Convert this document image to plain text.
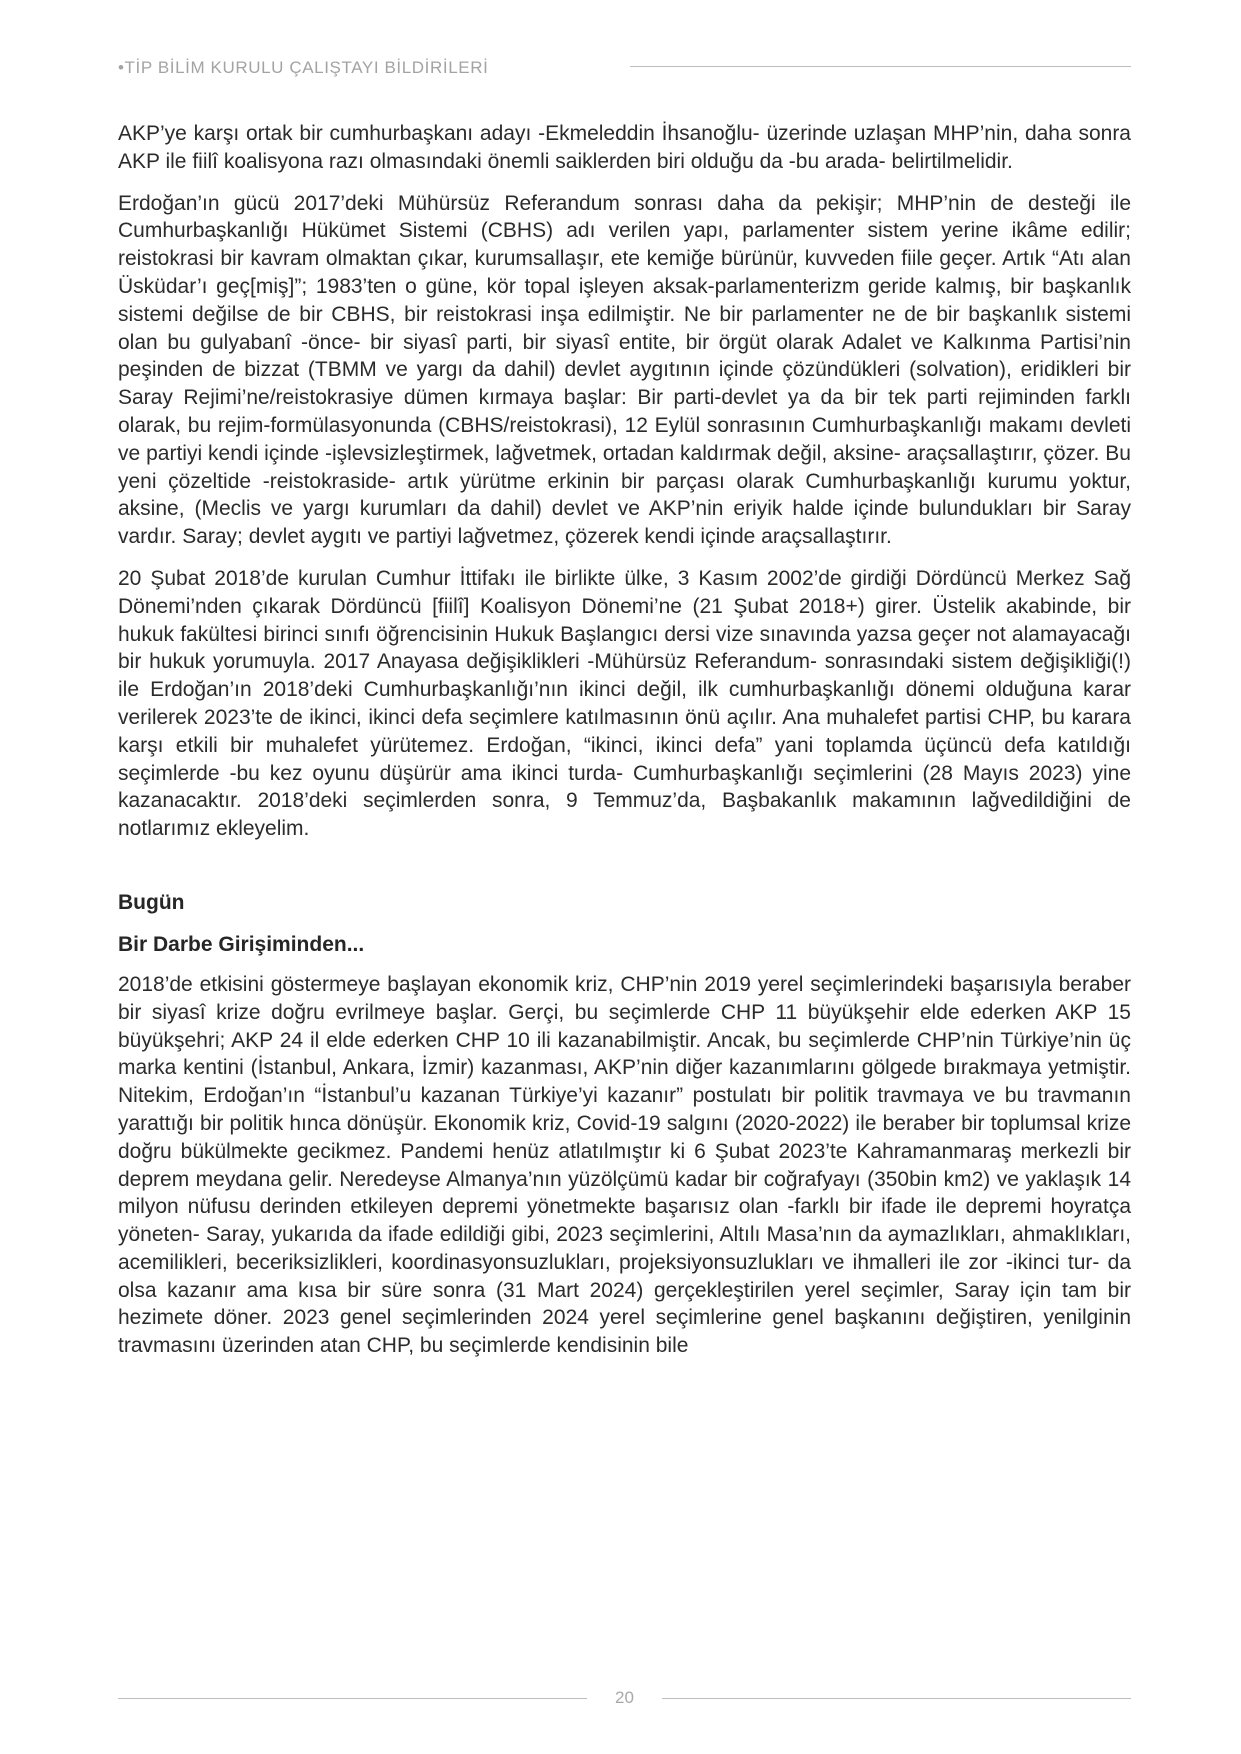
•TİP BİLİM KURULU ÇALIŞTAYI BİLDİRİLERİ

AKP’ye karşı ortak bir cumhurbaşkanı adayı -Ekmeleddin İhsanoğlu- üzerinde uzlaşan MHP’nin, daha sonra AKP ile fiilî koalisyona razı olmasındaki önemli saiklerden biri olduğu da -bu arada- belirtilmelidir.

Erdoğan’ın gücü 2017’deki Mühürsüz Referandum sonrası daha da pekişir; MHP’nin de desteği ile Cumhurbaşkanlığı Hükümet Sistemi (CBHS) adı verilen yapı, parlamenter sistem yerine ikâme edilir; reistokrasi bir kavram olmaktan çıkar, kurumsallaşır, ete kemiğe bürünür, kuvveden fiile geçer. Artık “Atı alan Üsküdar’ı geç[miş]”; 1983’ten o güne, kör topal işleyen aksak-parlamenterizm geride kalmış, bir başkanlık sistemi değilse de bir CBHS, bir reistokrasi inşa edilmiştir. Ne bir parlamenter ne de bir başkanlık sistemi olan bu gulyabanî -önce- bir siyasî parti, bir siyasî entite, bir örgüt olarak Adalet ve Kalkınma Partisi’nin peşinden de bizzat (TBMM ve yargı da dahil) devlet aygıtının içinde çözündükleri (solvation), eridikleri bir Saray Rejimi’ne/reistokrasiye dümen kırmaya başlar: Bir parti-devlet ya da bir tek parti rejiminden farklı olarak, bu rejim-formülasyonunda (CBHS/reistokrasi), 12 Eylül sonrasının Cumhurbaşkanlığı makamı devleti ve partiyi kendi içinde -işlevsizleştirmek, lağvetmek, ortadan kaldırmak değil, aksine- araçsallaştırır, çözer. Bu yeni çözeltide -reistokraside- artık yürütme erkinin bir parçası olarak Cumhurbaşkanlığı kurumu yoktur, aksine, (Meclis ve yargı kurumları da dahil) devlet ve AKP’nin eriyik halde içinde bulundukları bir Saray vardır. Saray; devlet aygıtı ve partiyi lağvetmez, çözerek kendi içinde araçsallaştırır.

20 Şubat 2018’de kurulan Cumhur İttifakı ile birlikte ülke, 3 Kasım 2002’de girdiği Dördüncü Merkez Sağ Dönemi’nden çıkarak Dördüncü [fiilî] Koalisyon Dönemi’ne (21 Şubat 2018+) girer. Üstelik akabinde, bir hukuk fakültesi birinci sınıfı öğrencisinin Hukuk Başlangıcı dersi vize sınavında yazsa geçer not alamayacağı bir hukuk yorumuyla. 2017 Anayasa değişiklikleri -Mühürsüz Referandum- sonrasındaki sistem değişikliği(!) ile Erdoğan’ın 2018’deki Cumhurbaşkanlığı’nın ikinci değil, ilk cumhurbaşkanlığı dönemi olduğuna karar verilerek 2023’te de ikinci, ikinci defa seçimlere katılmasının önü açılır. Ana muhalefet partisi CHP, bu karara karşı etkili bir muhalefet yürütemez. Erdoğan, “ikinci, ikinci defa” yani toplamda üçüncü defa katıldığı seçimlerde -bu kez oyunu düşürür ama ikinci turda- Cumhurbaşkanlığı seçimlerini (28 Mayıs 2023) yine kazanacaktır. 2018’deki seçimlerden sonra, 9 Temmuz’da, Başbakanlık makamının lağvedildiğini de notlarımız ekleyelim.

Bugün
Bir Darbe Girişiminden...

2018’de etkisini göstermeye başlayan ekonomik kriz, CHP’nin 2019 yerel seçimlerindeki başarısıyla beraber bir siyasî krize doğru evrilmeye başlar. Gerçi, bu seçimlerde CHP 11 büyükşehir elde ederken AKP 15 büyükşehri; AKP 24 il elde ederken CHP 10 ili kazanabilmiştir. Ancak, bu seçimlerde CHP’nin Türkiye’nin üç marka kentini (İstanbul, Ankara, İzmir) kazanması, AKP’nin diğer kazanımlarını gölgede bırakmaya yetmiştir. Nitekim, Erdoğan’ın “İstanbul’u kazanan Türkiye’yi kazanır” postulatı bir politik travmaya ve bu travmanın yarattığı bir politik hınca dönüşür. Ekonomik kriz, Covid-19 salgını (2020-2022) ile beraber bir toplumsal krize doğru bükülmekte gecikmez. Pandemi henüz atlatılmıştır ki 6 Şubat 2023’te Kahramanmaraş merkezli bir deprem meydana gelir. Neredeyse Almanya’nın yüzölçümü kadar bir coğrafyayı (350bin km2) ve yaklaşık 14 milyon nüfusu derinden etkileyen depremi yönetmekte başarısız olan -farklı bir ifade ile depremi hoyratça yöneten- Saray, yukarıda da ifade edildiği gibi, 2023 seçimlerini, Altılı Masa’nın da aymazlıkları, ahmaklıkları, acemilikleri, beceriksizlikleri, koordinasyonsuzlukları, projeksiyonsuzlukları ve ihmalleri ile zor -ikinci tur- da olsa kazanır ama kısa bir süre sonra (31 Mart 2024) gerçekleştirilen yerel seçimler, Saray için tam bir hezimete döner. 2023 genel seçimlerinden 2024 yerel seçimlerine genel başkanını değiştiren, yenilginin travmasını üzerinden atan CHP, bu seçimlerde kendisinin bile

20
